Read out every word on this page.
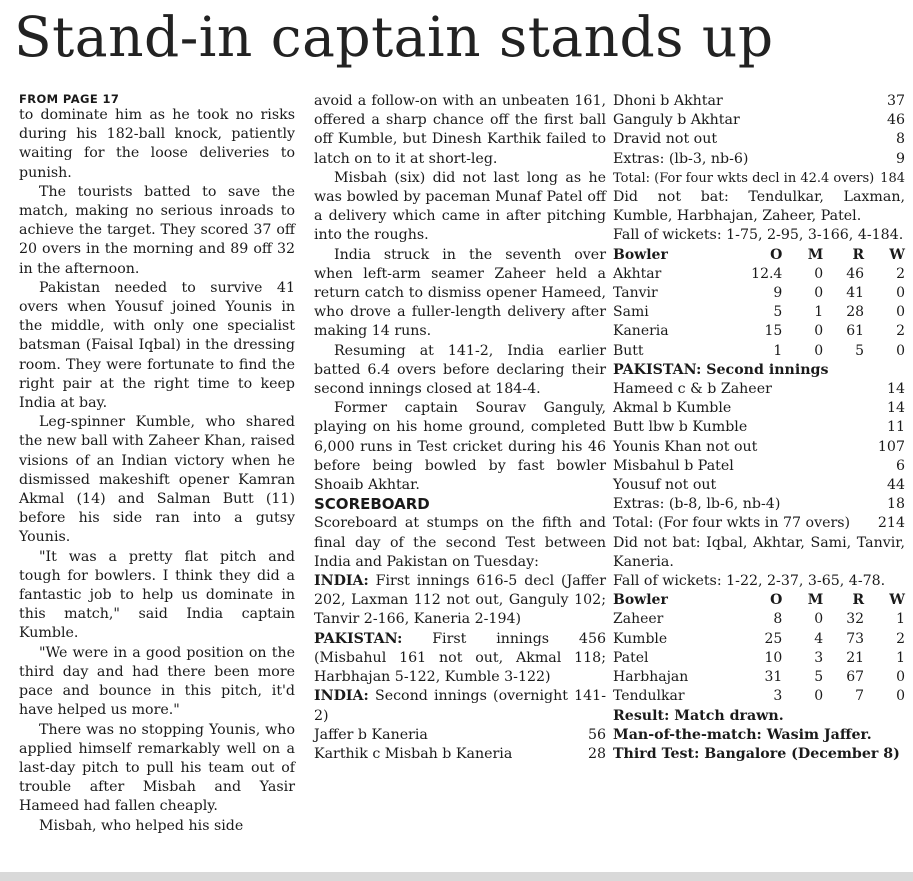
Stand-in captain stands up
FROM PAGE 17

to dominate him as he took no risks during his 182-ball knock, patiently waiting for the loose deliveries to punish.

The tourists batted to save the match, making no serious inroads to achieve the target. They scored 37 off 20 overs in the morning and 89 off 32 in the afternoon.

Pakistan needed to survive 41 overs when Yousuf joined Younis in the middle, with only one specialist batsman (Faisal Iqbal) in the dressing room. They were fortunate to find the right pair at the right time to keep India at bay.

Leg-spinner Kumble, who shared the new ball with Zaheer Khan, raised visions of an Indian victory when he dismissed makeshift opener Kamran Akmal (14) and Salman Butt (11) before his side ran into a gutsy Younis.

"It was a pretty flat pitch and tough for bowlers. I think they did a fantastic job to help us dominate in this match," said India captain Kumble.

"We were in a good position on the third day and had there been more pace and bounce in this pitch, it'd have helped us more."

There was no stopping Younis, who applied himself remarkably well on a last-day pitch to pull his team out of trouble after Misbah and Yasir Hameed had fallen cheaply.

Misbah, who helped his side

avoid a follow-on with an unbeaten 161, offered a sharp chance off the first ball off Kumble, but Dinesh Karthik failed to latch on to it at short-leg.

Misbah (six) did not last long as he was bowled by paceman Munaf Patel off a delivery which came in after pitching into the roughs.

India struck in the seventh over when left-arm seamer Zaheer held a return catch to dismiss opener Hameed, who drove a fuller-length delivery after making 14 runs.

Resuming at 141-2, India earlier batted 6.4 overs before declaring their second innings closed at 184-4.

Former captain Sourav Ganguly, playing on his home ground, completed 6,000 runs in Test cricket during his 46 before being bowled by fast bowler Shoaib Akhtar.

SCOREBOARD

Scoreboard at stumps on the fifth and final day of the second Test between India and Pakistan on Tuesday:

INDIA: First innings 616-5 decl (Jaffer 202, Laxman 112 not out, Ganguly 102; Tanvir 2-166, Kaneria 2-194)

PAKISTAN: First innings 456 (Misbahul 161 not out, Akmal 118; Harbhajan 5-122, Kumble 3-122)

INDIA: Second innings (overnight 141-2)

Jaffer b Kaneria	56
Karthik c Misbah b Kaneria	28
Dhoni b Akhtar	37
Ganguly b Akhtar	46
Dravid not out	8
Extras: (lb-3, nb-6)	9
Total: (For four wkts decl in 42.4 overs) 184

Did not bat: Tendulkar, Laxman, Kumble, Harbhajan, Zaheer, Patel.

Fall of wickets: 1-75, 2-95, 3-166, 4-184.

Bowler	O	M	R	W
Akhtar	12.4	0	46	2
Tanvir	9	0	41	0
Sami	5	1	28	0
Kaneria	15	0	61	2
Butt	1	0	5	0
PAKISTAN: Second innings
Hameed c & b Zaheer	14
Akmal b Kumble	14
Butt lbw b Kumble	11
Younis Khan not out	107
Misbahul b Patel	6
Yousuf not out	44
Extras: (b-8, lb-6, nb-4)	18
Total: (For four wkts in 77 overs) 214

Did not bat: Iqbal, Akhtar, Sami, Tanvir, Kaneria.

Fall of wickets: 1-22, 2-37, 3-65, 4-78.

Bowler	O	M	R	W
Zaheer	8	0	32	1
Kumble	25	4	73	2
Patel	10	3	21	1
Harbhajan	31	5	67	0
Tendulkar	3	0	7	0
Result: Match drawn.
Man-of-the-match: Wasim Jaffer.

Third Test: Bangalore (December 8)
